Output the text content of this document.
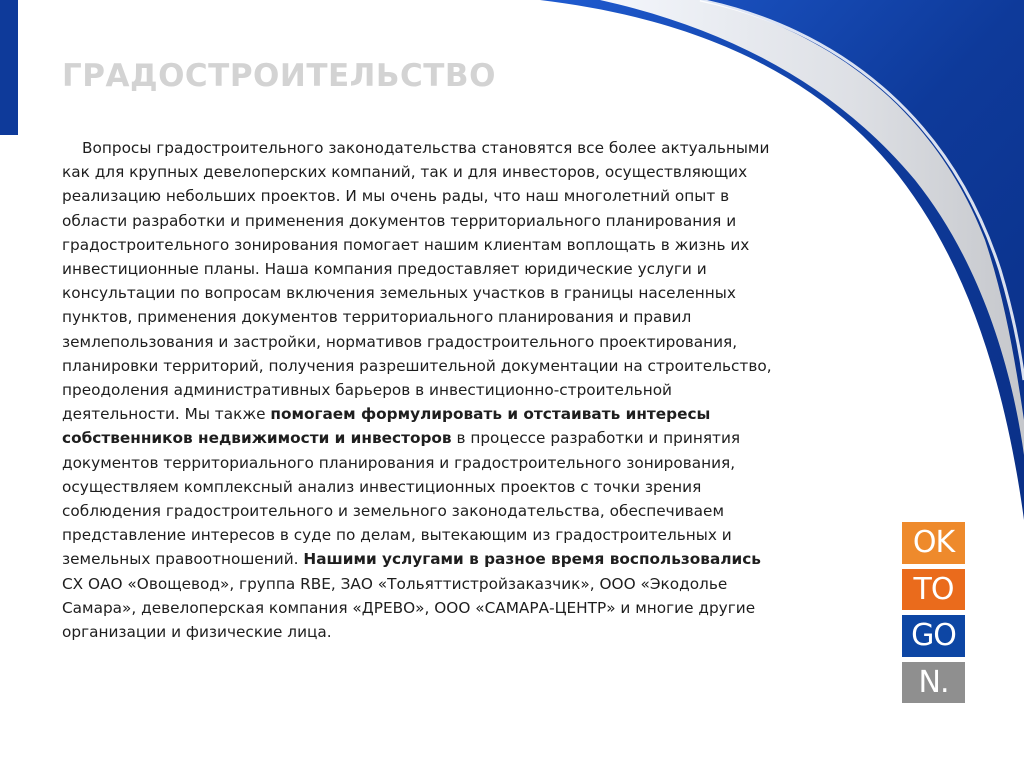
ГРАДОСТРОИТЕЛЬСТВО
Вопросы градостроительного законодательства становятся все более актуальными
как для крупных девелоперских компаний, так и для инвесторов, осуществляющих
реализацию небольших проектов. И мы очень рады, что наш многолетний опыт в
области разработки и применения документов территориального планирования и
градостроительного зонирования помогает нашим клиентам воплощать в жизнь их
инвестиционные планы. Наша компания предоставляет юридические услуги и
консультации по вопросам включения земельных участков в границы населенных
пунктов, применения документов территориального планирования и правил
землепользования и застройки, нормативов градостроительного проектирования,
планировки территорий, получения разрешительной документации на строительство,
преодоления административных барьеров в инвестиционно-строительной
деятельности. Мы также помогаем формулировать и отстаивать интересы
собственников недвижимости и инвесторов в процессе разработки и принятия
документов территориального планирования и градостроительного зонирования,
осуществляем комплексный анализ инвестиционных проектов с точки зрения
соблюдения градостроительного и земельного законодательства, обеспечиваем
представление интересов в суде по делам, вытекающим из градостроительных и
земельных правоотношений. Нашими услугами в разное время воспользовались
СХ ОАО «Овощевод», группа RBE, ЗАО «Тольяттистройзаказчик», ООО «Экодолье
Самара», девелоперская компания «ДРЕВО», ООО «САМАРА-ЦЕНТР» и многие другие
организации и физические лица.
OK
TO
GO
N.
